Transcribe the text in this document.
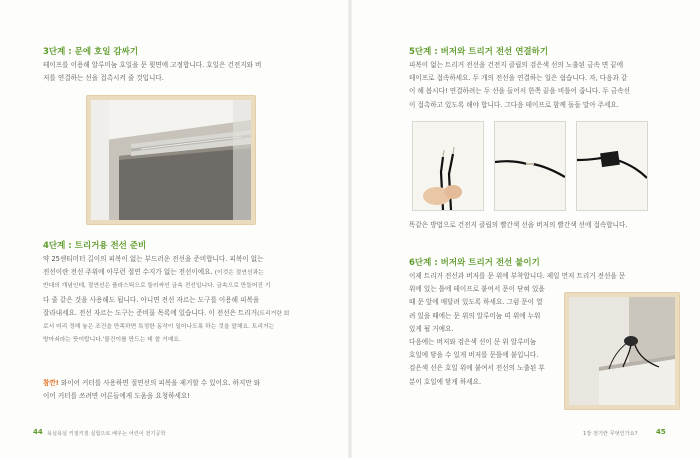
3단계 : 문에 호일 감싸기
테이프를 이용해 알루미늄 호일을 문 윗면에 고정합니다. 호일은 건전지와 버
저를 연결하는 선을 접촉시켜 줄 것입니다.
4단계 : 트리거용 전선 준비
약 25센티미터 길이의 피복이 없는 부드러운 전선을 준비합니다. 피복이 없는
전선이란 전선 주위에 아무런 절연 수지가 없는 전선이에요. (이것은 절연선과는
반대의 개념인데, 절연선은 플라스틱으로 둘러싸인 금속 전선입니다. 금속으로 만들어진 기
다 줄 같은 것을 사용해도 됩니다. 아니면 전선 자르는 도구를 이용해 피복을
잘라내세요. 전선 자르는 도구는 준비물 목록에 있습니다. 이 전선은 트리거(트리거란 회
로서 미리 정해 놓은 조건을 만족하면 특정한 동작이 일어나도록 하는 것을 말해요. 트리거는
방아쇠라는 뜻이랍니다.'물건이를 만드는 데 쓸 거예요.
참깐! 와이어 커터를 사용하면 절연선의 피복을 제거할 수 있어요. 하지만 와
이어 커터를 쓰려면 어른들에게 도움을 요청하세요!
44 욕실욕실 키질키질 실험으로 배우는 어린이 전기공학
5단계 : 버저와 트리거 전선 연결하기
피복이 없는 트리거 전선을 건전지 클립의 검은색 선의 노출된 금속 면 끝에
테이프로 접속하세요. 두 개의 전선을 연결하는 일은 쉽습니다. 자, 다음과 같
이 해 봅시다! 연결하려는 두 선을 들어서 한쪽 끝을 비틀어 줍니다. 두 금속선
이 접촉하고 있도록 해야 합니다. 그다음 테이프로 함께 돌돌 말아 주세요.
똑같은 방법으로 건전지 클립의 빨간색 선을 버저의 빨간색 선에 접속합니다.
6단계 : 버저와 트리거 전선 붙이기
이제 트리거 전선과 버저를 문 위에 부착합니다. 제일 먼저 트리거 전선을 문
위에 있는 틀에 테이프로 붙여서 문이 닫혀 있을
때 문 앞에 매달려 있도록 하세요. 그럼 문이 열
려 있을 때에는 문 위의 알루미늄 띠 위에 누워
있게 될 거예요.
다음에는 버저와 검은색 선이 문 위 알루미늄
호일에 닿을 수 있게 버저를 문틀에 붙입니다.
검은색 선은 호일 위에 붙여서 전선의 노출된 부
분이 호일에 닿게 하세요.
1장 전기란 무엇인가요?	45
